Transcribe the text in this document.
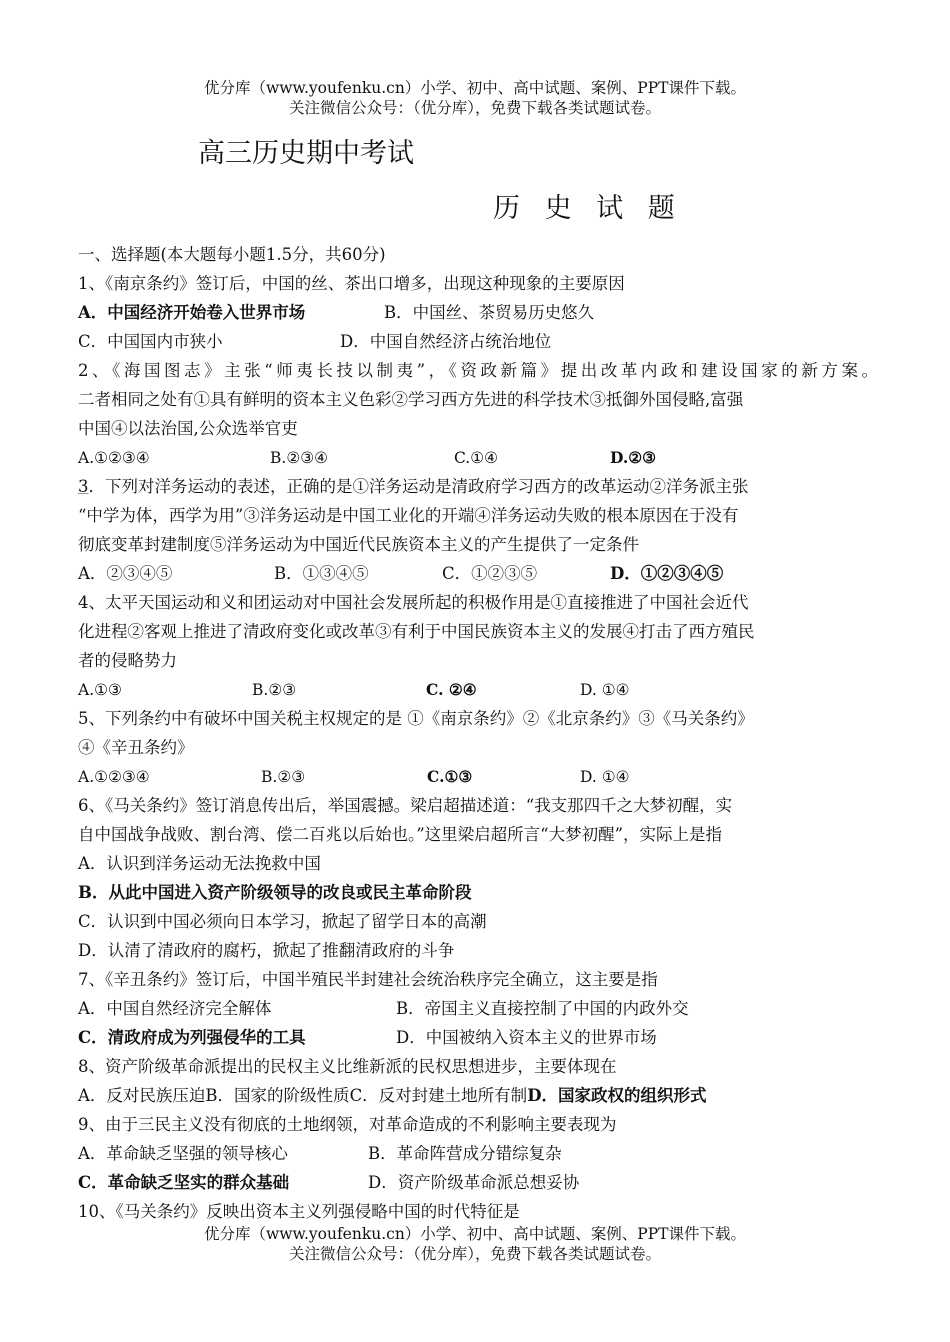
优分库（www.youfenku.cn）小学、初中、高中试题、案例、PPT课件下载。
关注微信公众号：（优分库），免费下载各类试题试卷。
高三历史期中考试
历 史 试 题
一、选择题(本大题每小题1.5分，共60分)
1、《南京条约》签订后，中国的丝、茶出口增多，出现这种现象的主要原因
A．中国经济开始卷入世界市场	B．中国丝、茶贸易历史悠久
C．中国国内市狭小	D．中国自然经济占统治地位
2、《海国图志》主张“师夷长技以制夷”，《资政新篇》提出改革内政和建设国家的新方案。
二者相同之处有①具有鲜明的资本主义色彩②学习西方先进的科学技术③抵御外国侵略,富强
中国④以法治国,公众选举官吏
A.①②③④	B.②③④	C.①④	D.②③
3．下列对洋务运动的表述，正确的是①洋务运动是清政府学习西方的改革运动②洋务派主张
“中学为体，西学为用”③洋务运动是中国工业化的开端④洋务运动失败的根本原因在于没有
彻底变革封建制度⑤洋务运动为中国近代民族资本主义的产生提供了一定条件
A．②③④⑤	B．①③④⑤	C．①②③⑤	D．①②③④⑤
4、太平天国运动和义和团运动对中国社会发展所起的积极作用是①直接推进了中国社会近代
化进程②客观上推进了清政府变化或改革③有利于中国民族资本主义的发展④打击了西方殖民
者的侵略势力
A.①③	B.②③	C. ②④	D. ①④
5、下列条约中有破坏中国关税主权规定的是 ①《南京条约》②《北京条约》③《马关条约》
④《辛丑条约》
A.①②③④	B.②③	C.①③	D. ①④
6、《马关条约》签订消息传出后，举国震撼。梁启超描述道：“我支那四千之大梦初醒，实
自中国战争战败、割台湾、偿二百兆以后始也。”这里梁启超所言“大梦初醒”，实际上是指
A．认识到洋务运动无法挽救中国
B．从此中国进入资产阶级领导的改良或民主革命阶段
C．认识到中国必须向日本学习，掀起了留学日本的高潮
D．认清了清政府的腐朽，掀起了推翻清政府的斗争
7、《辛丑条约》签订后，中国半殖民半封建社会统治秩序完全确立，这主要是指
A．中国自然经济完全解体	B．帝国主义直接控制了中国的内政外交
C．清政府成为列强侵华的工具	D．中国被纳入资本主义的世界市场
8、资产阶级革命派提出的民权主义比维新派的民权思想进步，主要体现在
A．反对民族压迫B．国家的阶级性质C．反对封建土地所有制D．国家政权的组织形式
9、由于三民主义没有彻底的土地纲领，对革命造成的不利影响主要表现为
A．革命缺乏坚强的领导核心	B．革命阵营成分错综复杂
C．革命缺乏坚实的群众基础	D．资产阶级革命派总想妥协
10、《马关条约》反映出资本主义列强侵略中国的时代特征是
优分库（www.youfenku.cn）小学、初中、高中试题、案例、PPT课件下载。
关注微信公众号：（优分库），免费下载各类试题试卷。
